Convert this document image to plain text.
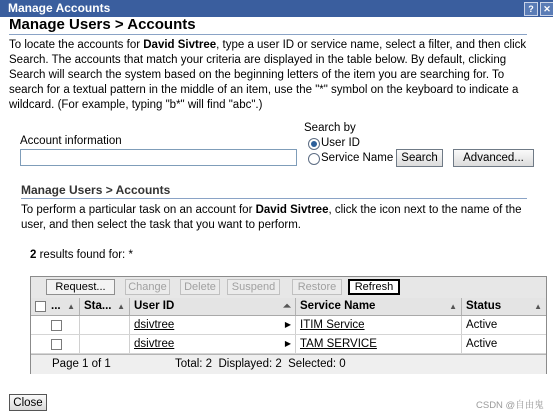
Manage Accounts	?	✕
Manage Users > Accounts
To locate the accounts for David Sivtree, type a user ID or service name, select a filter, and then click Search. The accounts that match your criteria are displayed in the table below. By default, clicking Search will search the system based on the beginning letters of the item you are searching for. To search for a textual pattern in the middle of an item, use the "*" symbol on the keyboard to indicate a wildcard. (For example, typing "b*" will find "abc".)
Account information
Search by
User ID
Service Name Search	Advanced...
Manage Users > Accounts
To perform a particular task on an account for David Sivtree, click the icon next to the name of the user, and then select the task that you want to perform.
2 results found for: *
Request...	Change	Delete	Suspend	Restore	Refresh
... ▲ Sta... ▲ User ID	⏶ Service Name	▲ Status	▲
dsivtree	▶ ITIM Service	Active
dsivtree	▶ TAM SERVICE	Active
Page 1 of 1	Total: 2  Displayed: 2  Selected: 0
Close	CSDN @自由鬼
